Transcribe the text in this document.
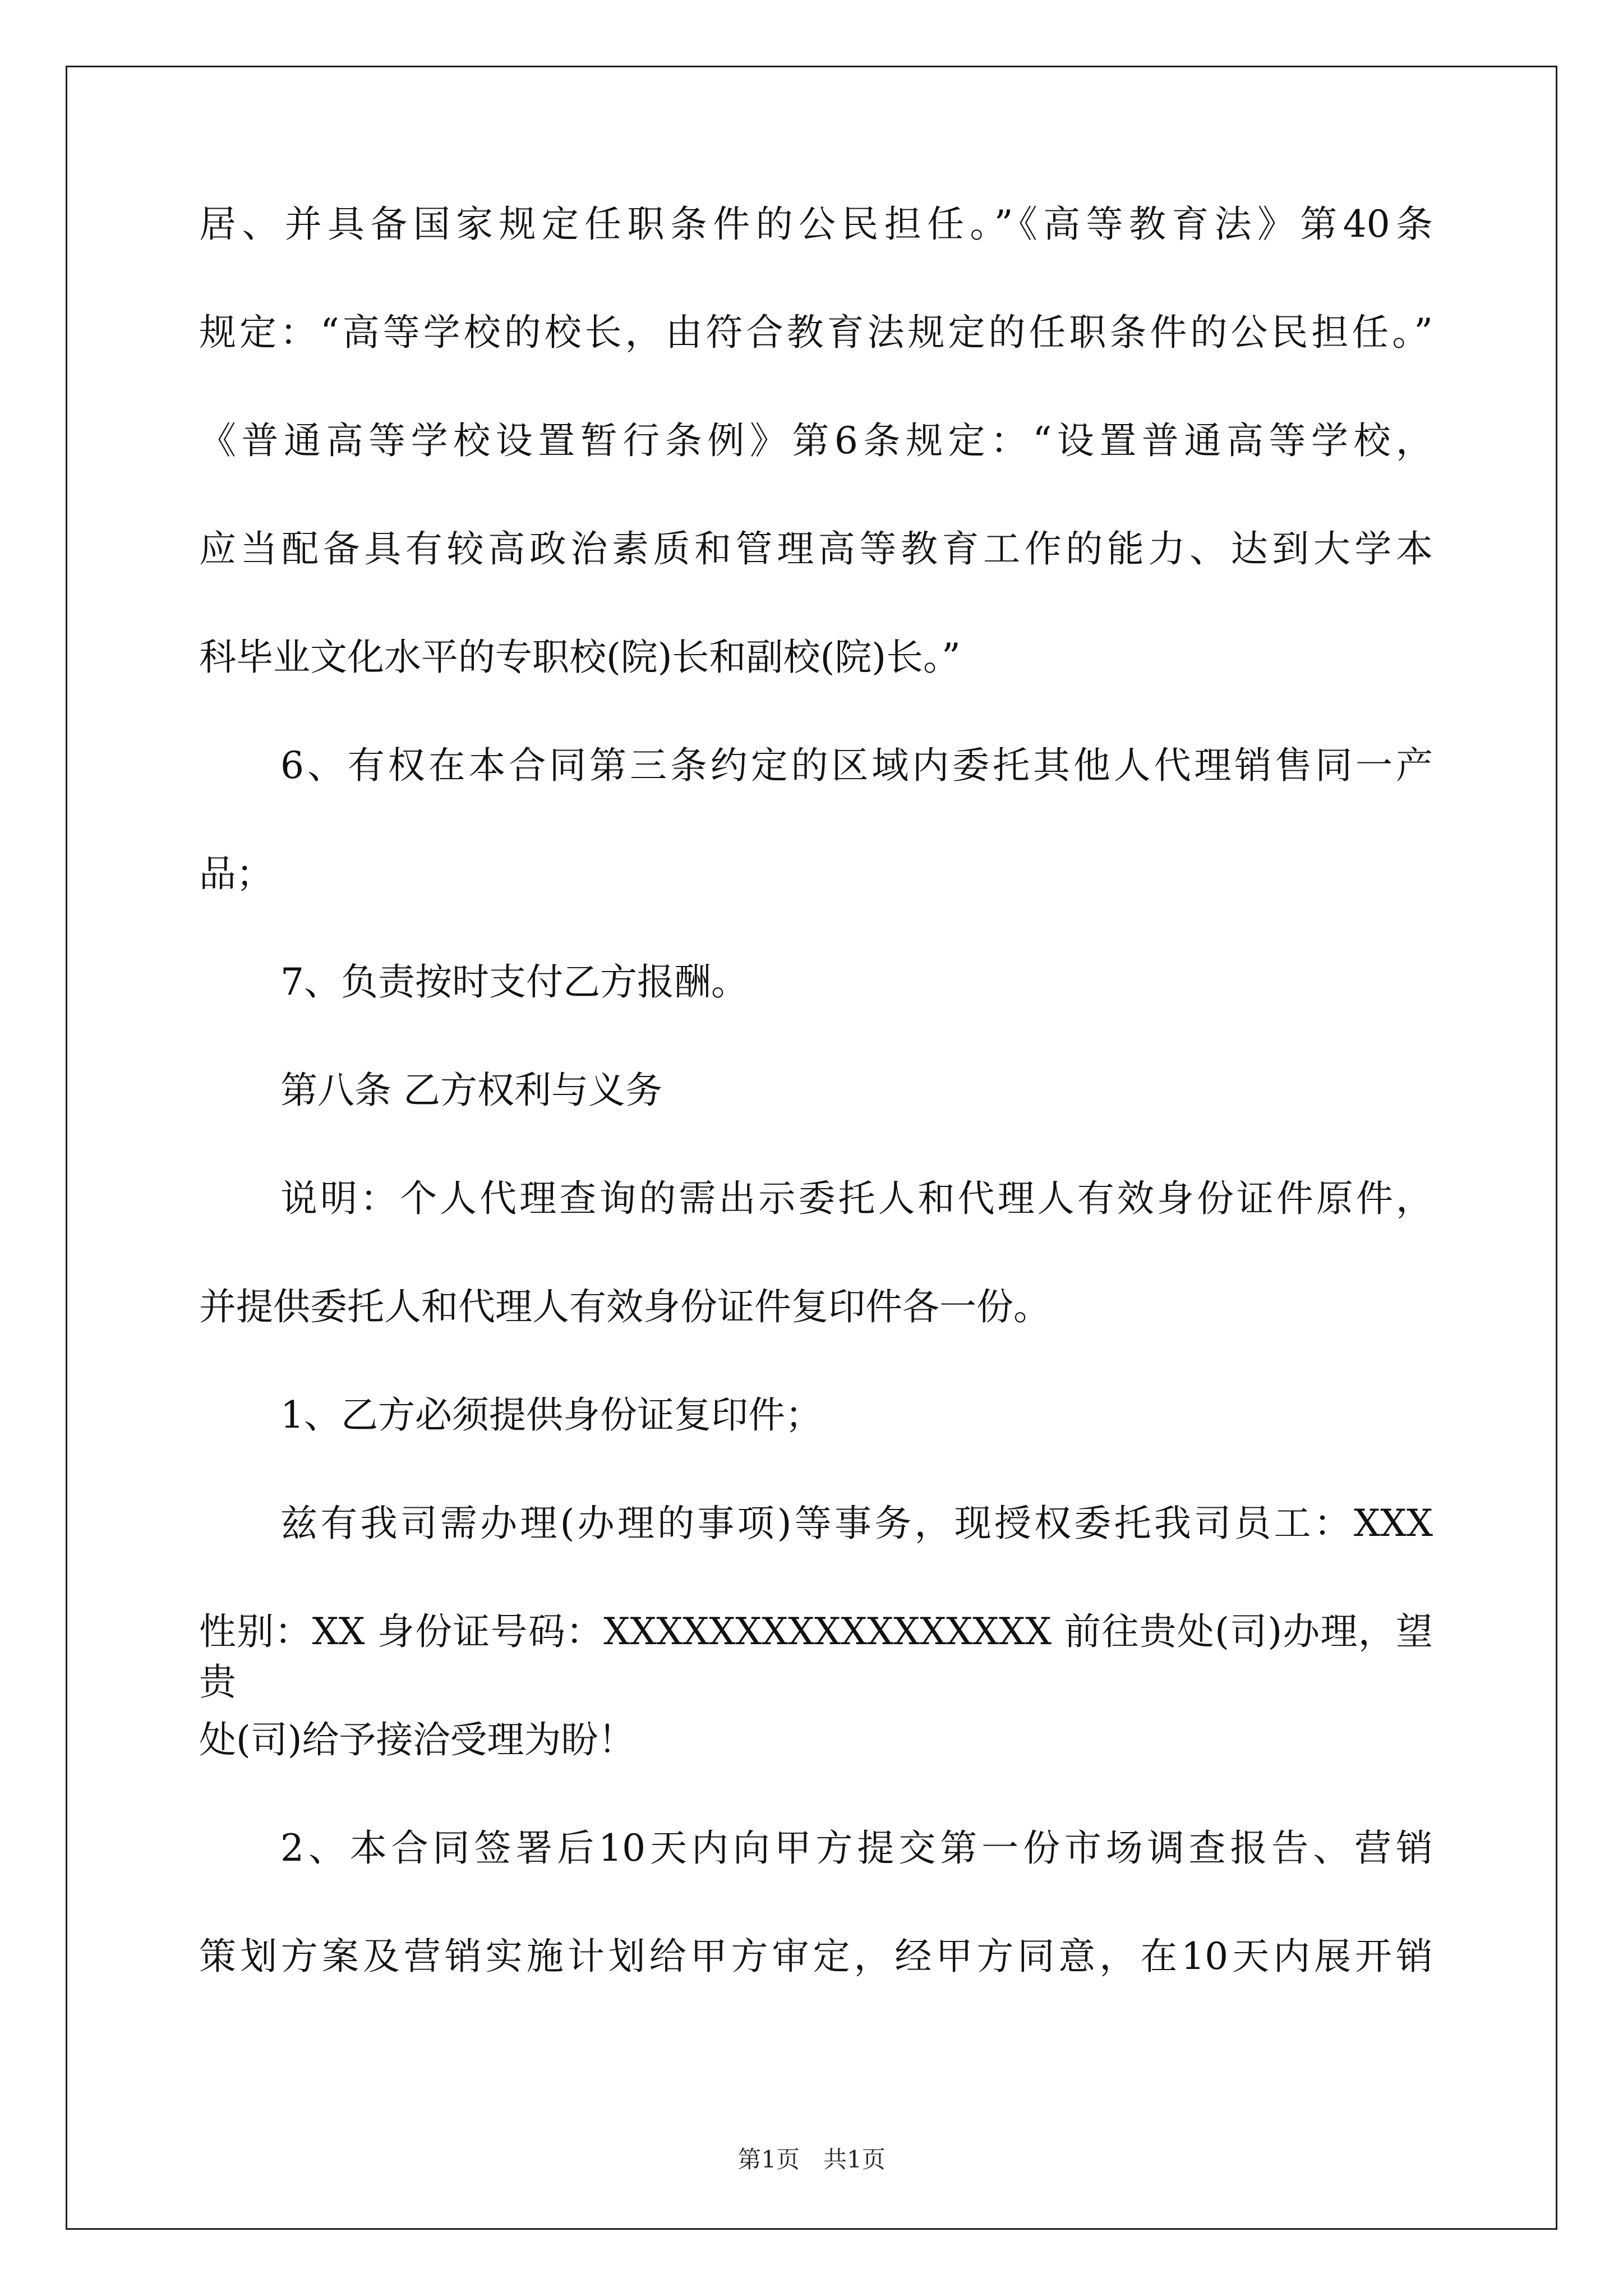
居、并具备国家规定任职条件的公民担任。”《高等教育法》第40条
规定：“高等学校的校长，由符合教育法规定的任职条件的公民担任。”
《普通高等学校设置暂行条例》第6条规定：“设置普通高等学校，
应当配备具有较高政治素质和管理高等教育工作的能力、达到大学本
科毕业文化水平的专职校(院)长和副校(院)长。”
6、有权在本合同第三条约定的区域内委托其他人代理销售同一产
品；
7、负责按时支付乙方报酬。
第八条 乙方权利与义务
说明：个人代理查询的需出示委托人和代理人有效身份证件原件，
并提供委托人和代理人有效身份证件复印件各一份。
1、乙方必须提供身份证复印件；
兹有我司需办理(办理的事项)等事务，现授权委托我司员工：XXX
性别：XX 身份证号码：XXXXXXXXXXXXXXXXX 前往贵处(司)办理，望贵
处(司)给予接洽受理为盼！
2、本合同签署后10天内向甲方提交第一份市场调查报告、营销
策划方案及营销实施计划给甲方审定，经甲方同意，在10天内展开销
第1页　共1页
